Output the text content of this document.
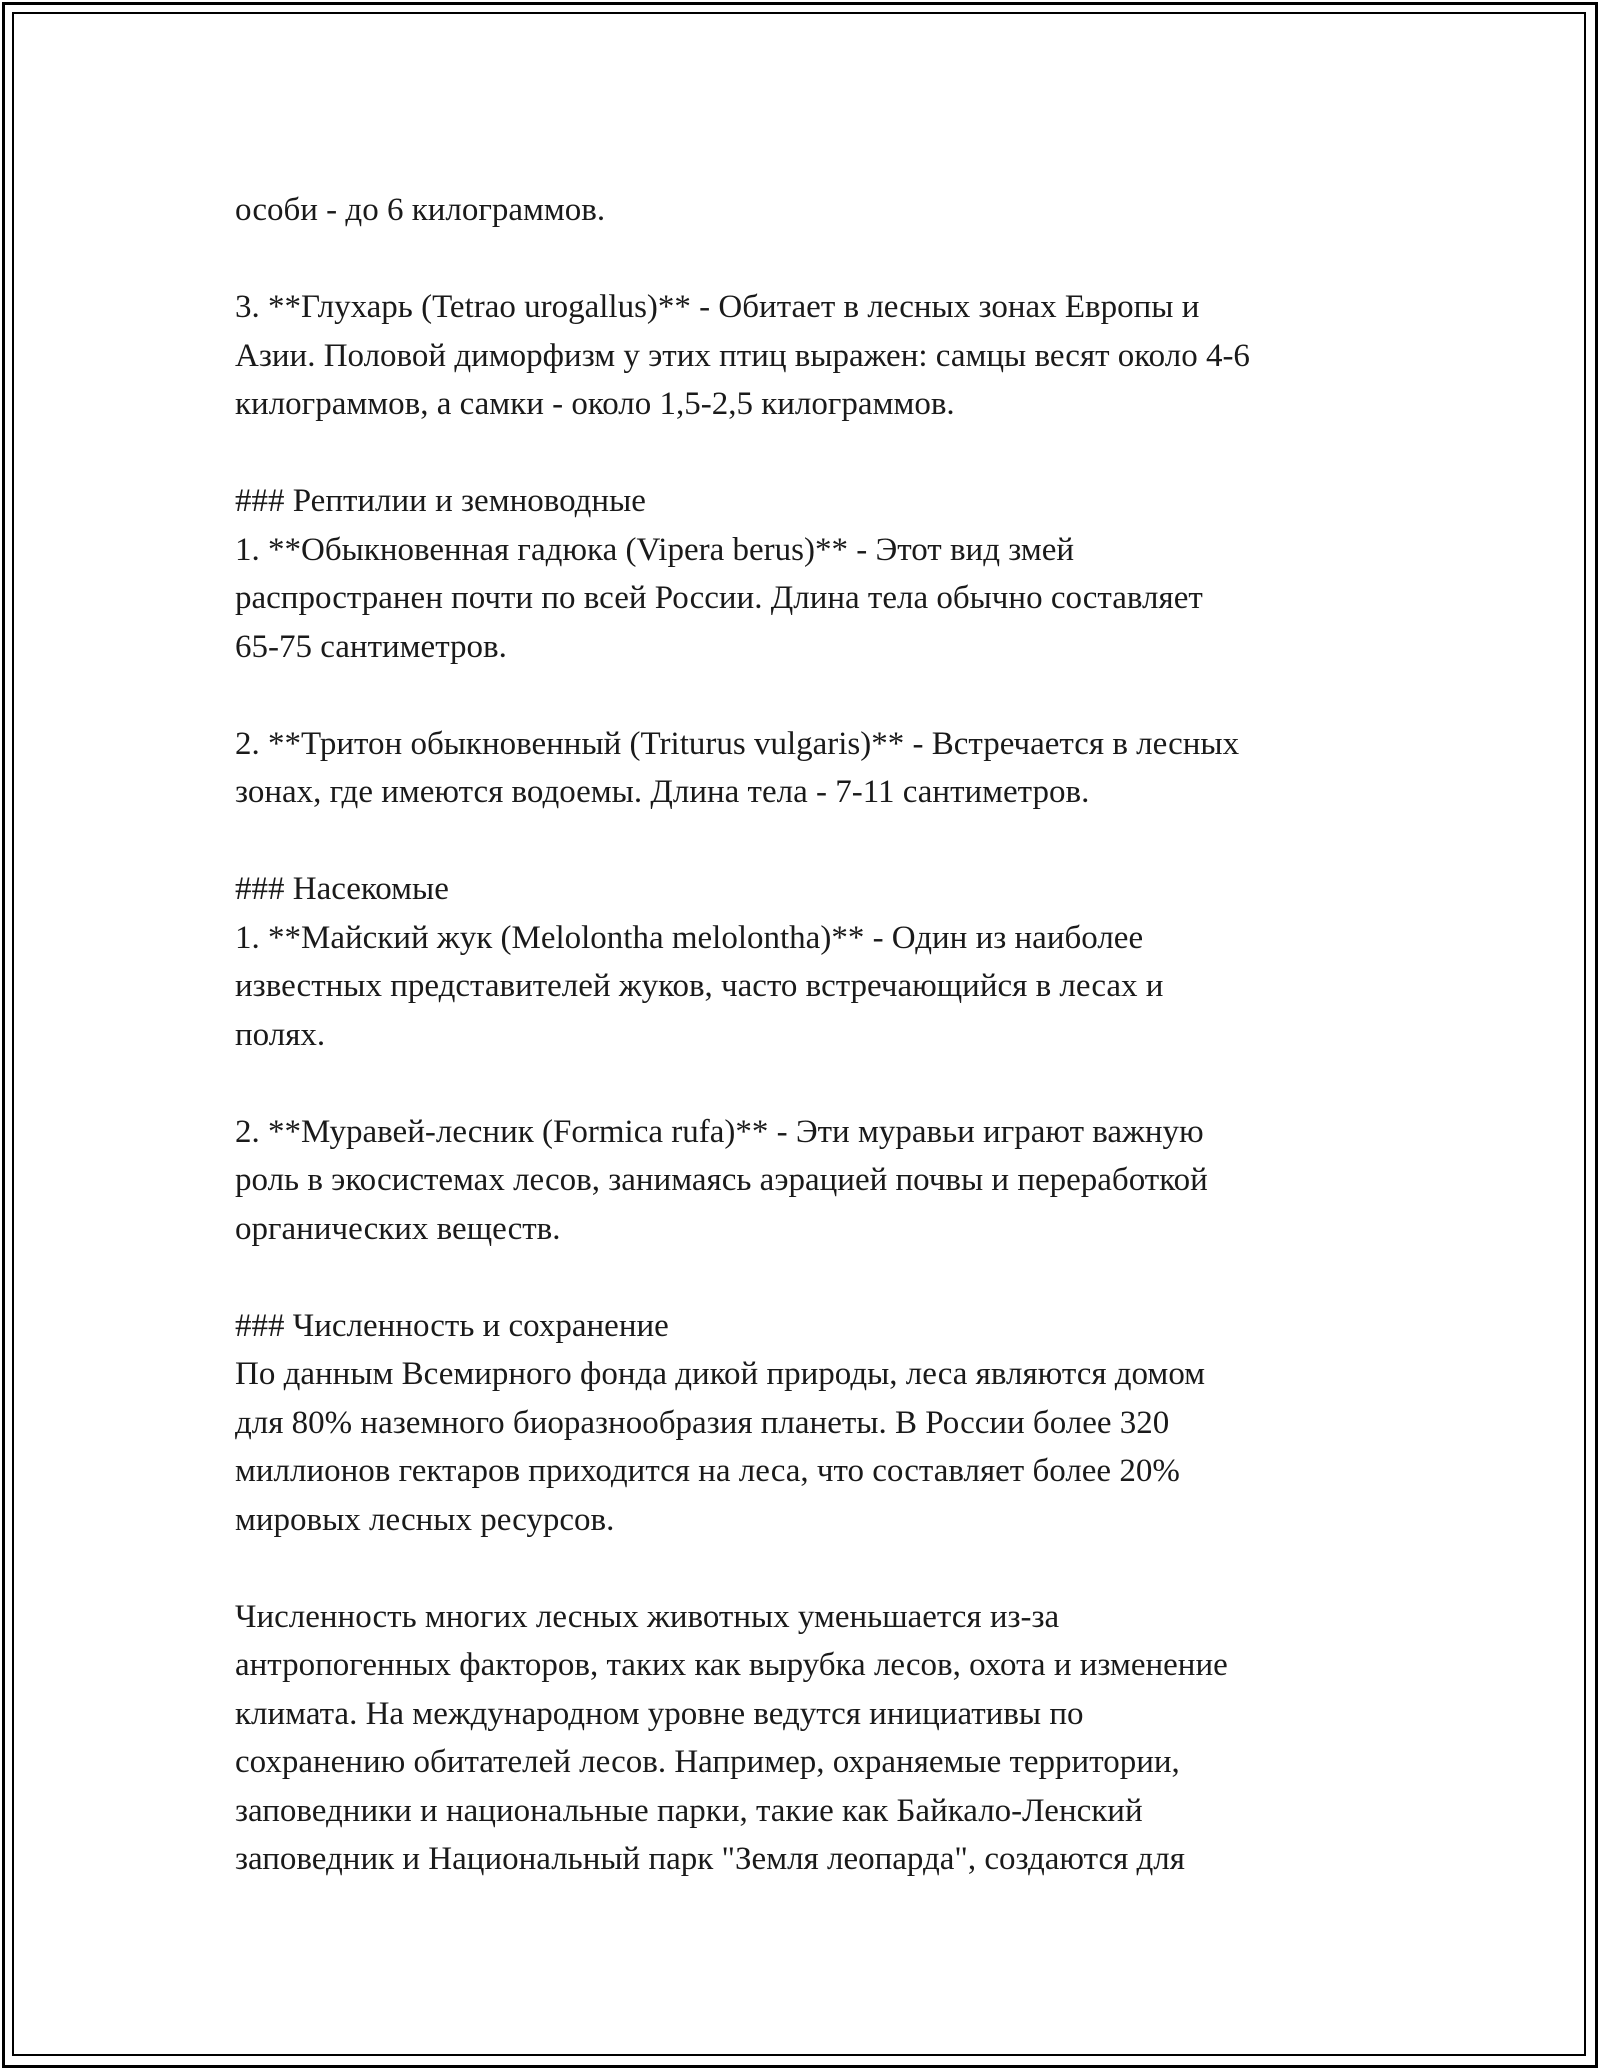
особи - до 6 килограммов.
3. **Глухарь (Tetrao urogallus)** - Обитает в лесных зонах Европы и
Азии. Половой диморфизм у этих птиц выражен: самцы весят около 4-6
килограммов, а самки - около 1,5-2,5 килограммов.
### Рептилии и земноводные
1. **Обыкновенная гадюка (Vipera berus)** - Этот вид змей
распространен почти по всей России. Длина тела обычно составляет
65-75 сантиметров.
2. **Тритон обыкновенный (Triturus vulgaris)** - Встречается в лесных
зонах, где имеются водоемы. Длина тела - 7-11 сантиметров.
### Насекомые
1. **Майский жук (Melolontha melolontha)** - Один из наиболее
известных представителей жуков, часто встречающийся в лесах и
полях.
2. **Муравей-лесник (Formica rufa)** - Эти муравьи играют важную
роль в экосистемах лесов, занимаясь аэрацией почвы и переработкой
органических веществ.
### Численность и сохранение
По данным Всемирного фонда дикой природы, леса являются домом
для 80% наземного биоразнообразия планеты. В России более 320
миллионов гектаров приходится на леса, что составляет более 20%
мировых лесных ресурсов.
Численность многих лесных животных уменьшается из-за
антропогенных факторов, таких как вырубка лесов, охота и изменение
климата. На международном уровне ведутся инициативы по
сохранению обитателей лесов. Например, охраняемые территории,
заповедники и национальные парки, такие как Байкало-Ленский
заповедник и Национальный парк "Земля леопарда", создаются для
